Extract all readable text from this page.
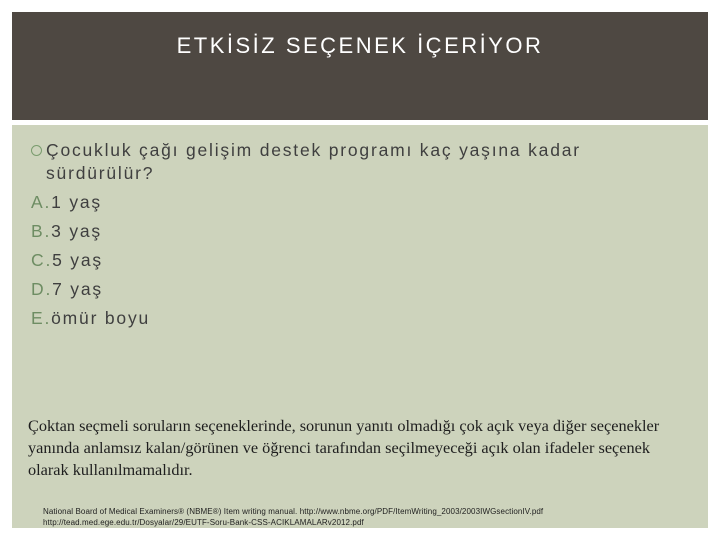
ETKİSİZ SEÇENEK İÇERİYOR
Çocukluk çağı gelişim destek programı kaç yaşına kadar
sürdürülür?
A.1 yaş
B.3 yaş
C.5 yaş
D.7 yaş
E.ömür boyu
Çoktan seçmeli soruların seçeneklerinde, sorunun yanıtı olmadığı çok açık veya diğer seçenekler yanında anlamsız kalan/görünen ve öğrenci tarafından seçilmeyeceği açık olan ifadeler seçenek olarak kullanılmamalıdır.
National Board of Medical Examiners® (NBME®) Item writing manual. http://www.nbme.org/PDF/ItemWriting_2003/2003IWGsectionIV.pdf
http://tead.med.ege.edu.tr/Dosyalar/29/EUTF-Soru-Bank-CSS-ACIKLAMALARv2012.pdf
